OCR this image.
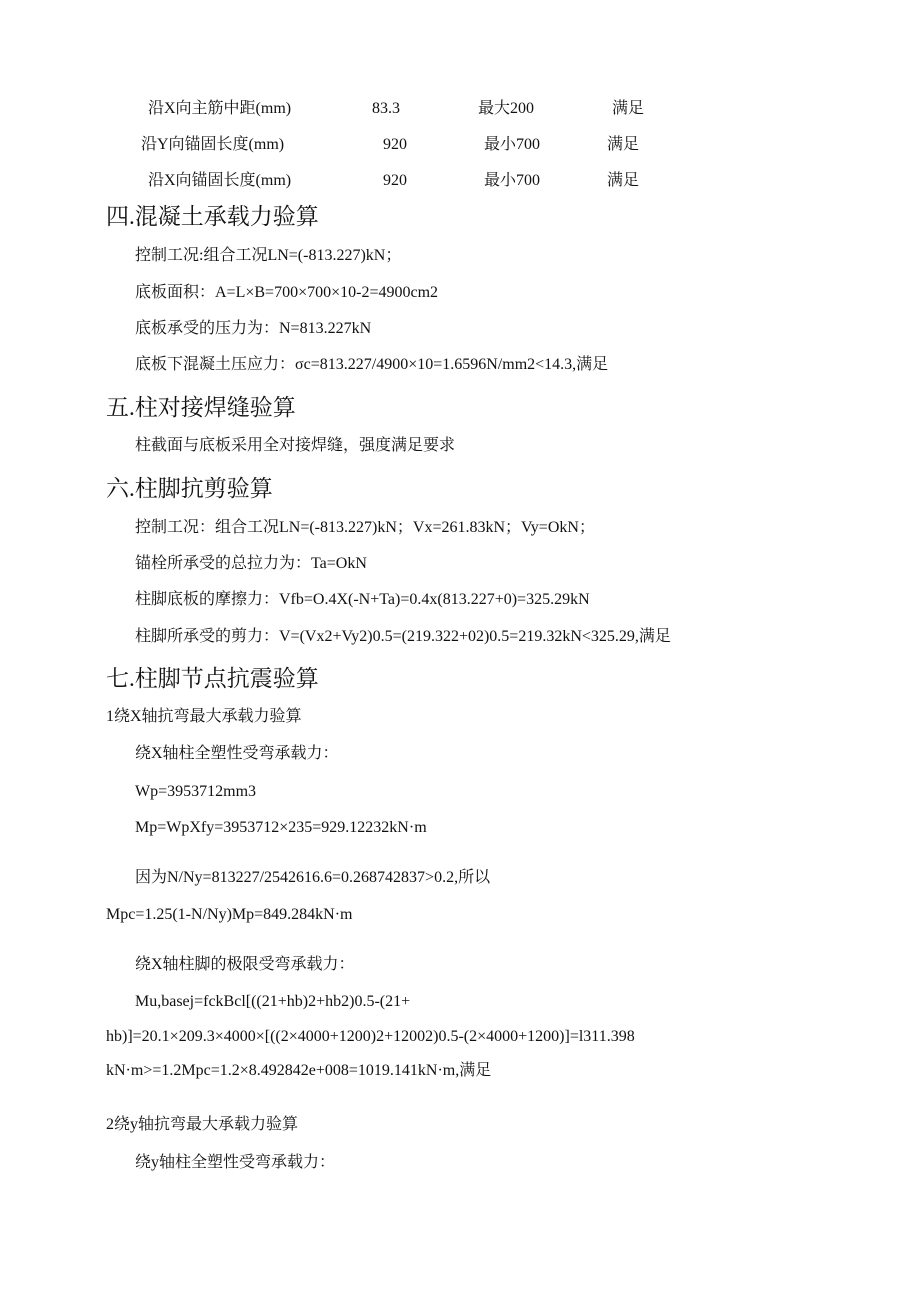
沿X向主筋中距(mm)	83.3	最大200	满足
沿Y向锚固长度(mm)	920	最小700	满足
沿X向锚固长度(mm)	920	最小700	满足
四.混凝土承载力验算
控制工况:组合工况LN=(-813.227)kN；
底板面积：A=L×B=700×700×10-2=4900cm2
底板承受的压力为：N=813.227kN
底板下混凝土压应力：σc=813.227/4900×10=1.6596N/mm2<14.3,满足
五.柱对接焊缝验算
柱截面与底板采用全对接焊缝，强度满足要求
六.柱脚抗剪验算
控制工况：组合工况LN=(-813.227)kN；Vx=261.83kN；Vy=OkN；
锚栓所承受的总拉力为：Ta=OkN
柱脚底板的摩擦力：Vfb=O.4X(-N+Ta)=0.4x(813.227+0)=325.29kN
柱脚所承受的剪力：V=(Vx2+Vy2)0.5=(219.322+02)0.5=219.32kN<325.29,满足
七.柱脚节点抗震验算
1绕X轴抗弯最大承载力验算
绕X轴柱全塑性受弯承载力：
Wp=3953712mm3
Mp=WpXfy=3953712×235=929.12232kN·m
因为N/Ny=813227/2542616.6=0.268742837>0.2,所以
Mpc=1.25(1-N/Ny)Mp=849.284kN·m
绕X轴柱脚的极限受弯承载力：
Mu,basej=fckBcl[((21+hb)2+hb2)0.5-(21+
hb)]=20.1×209.3×4000×[((2×4000+1200)2+12002)0.5-(2×4000+1200)]=l311.398
kN·m>=1.2Mpc=1.2×8.492842e+008=1019.141kN·m,满足
2绕y轴抗弯最大承载力验算
绕y轴柱全塑性受弯承载力：
